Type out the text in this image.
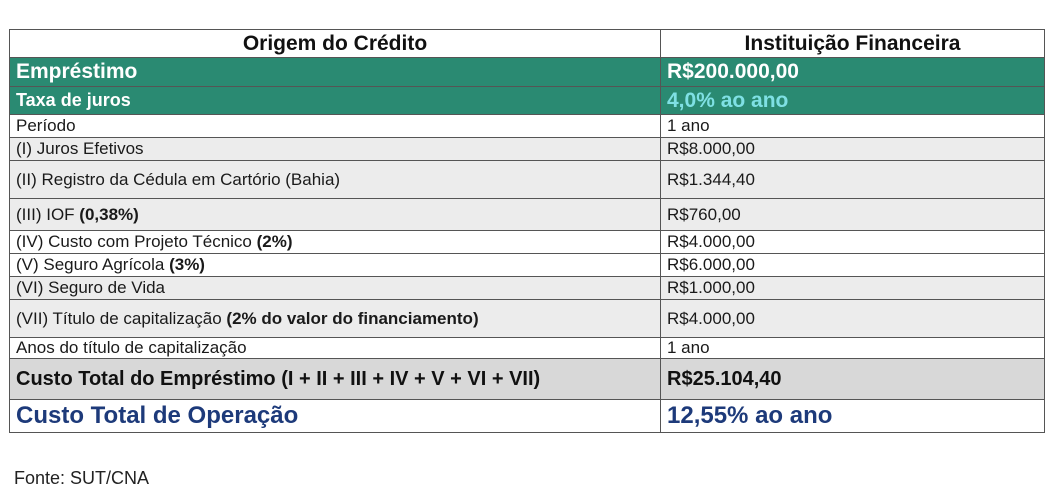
Origem do Crédito	Instituição Financeira
Empréstimo	R$200.000,00
Taxa de juros	4,0% ao ano
Período	1 ano
(I) Juros Efetivos	R$8.000,00
(II) Registro da Cédula em Cartório (Bahia)	R$1.344,40
(III) IOF (0,38%)	R$760,00
(IV) Custo com Projeto Técnico (2%)	R$4.000,00
(V) Seguro Agrícola (3%)	R$6.000,00
(VI) Seguro de Vida	R$1.000,00
(VII) Título de capitalização (2% do valor do financiamento)	R$4.000,00
Anos do título de capitalização	1 ano
Custo Total do Empréstimo (I + II + III + IV + V + VI + VII)	R$25.104,40
Custo Total de Operação	12,55% ao ano
Fonte: SUT/CNA
